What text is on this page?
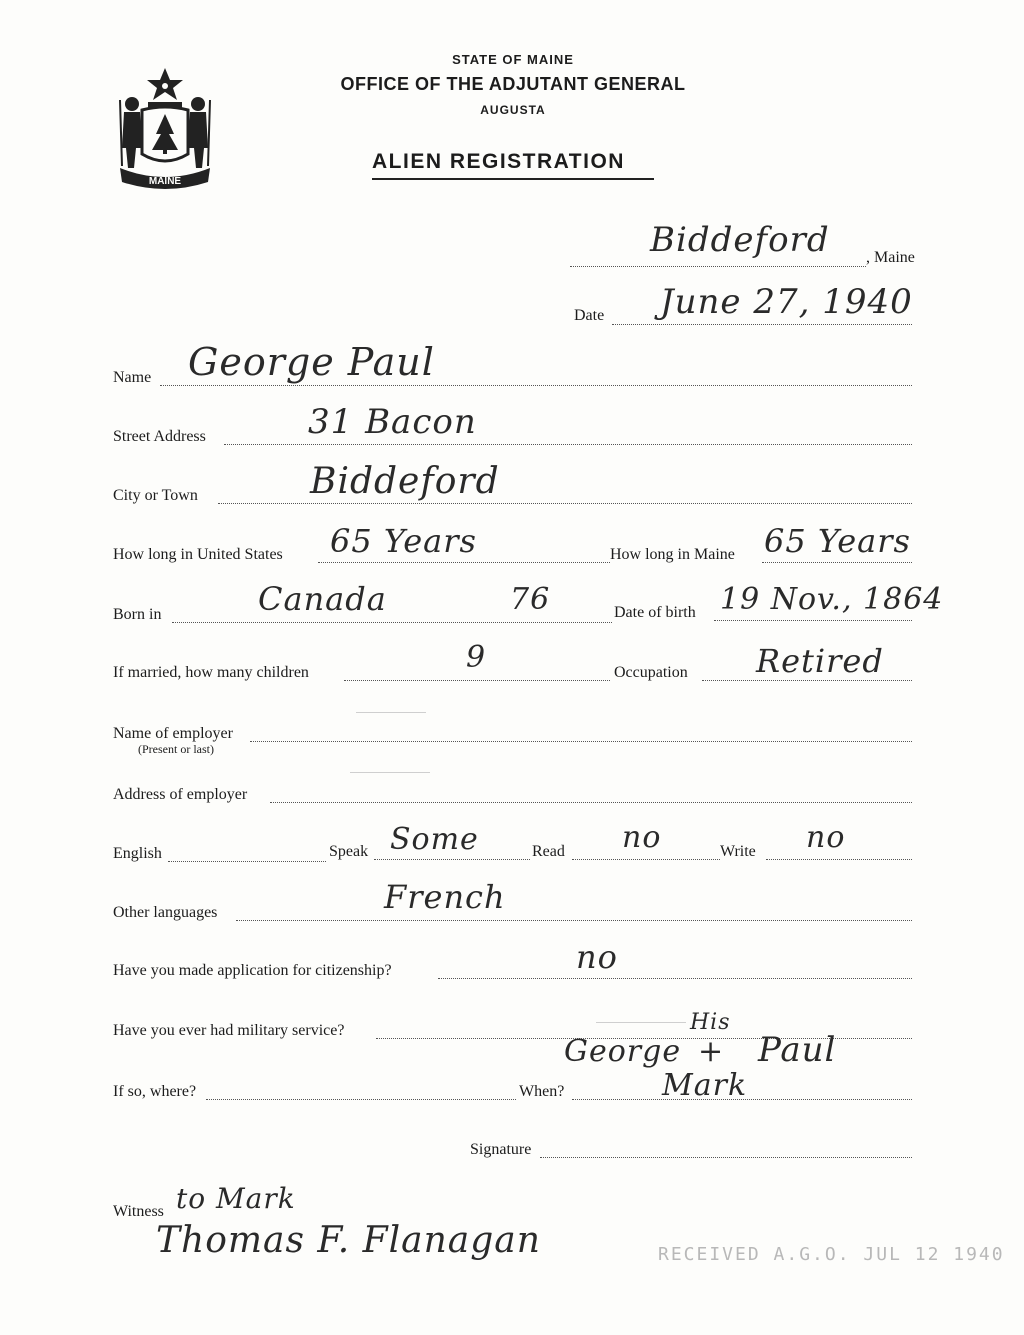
MAINE
STATE OF MAINE
OFFICE OF THE ADJUTANT GENERAL
AUGUSTA
ALIEN REGISTRATION
Biddeford , Maine
Date June 27, 1940
Name George Paul
Street Address	31 Bacon
City or Town	Biddeford
How long in United States 65 Years	How long in Maine 65 Years
Born in	Canada	76	Date of birth 19 Nov., 1864
If married, how many children	9	Occupation Retired
Name of employer
(Present or last)
Address of employer
English	Speak Some	Read no	Write no
Other languages	French
Have you made application for citizenship?	no
Have you ever had military service?
If so, where?	When?
His
George + Paul
Mark
Signature
Witness to Mark
Thomas F. Flanagan	RECEIVED A.G.O. JUL 12 1940
